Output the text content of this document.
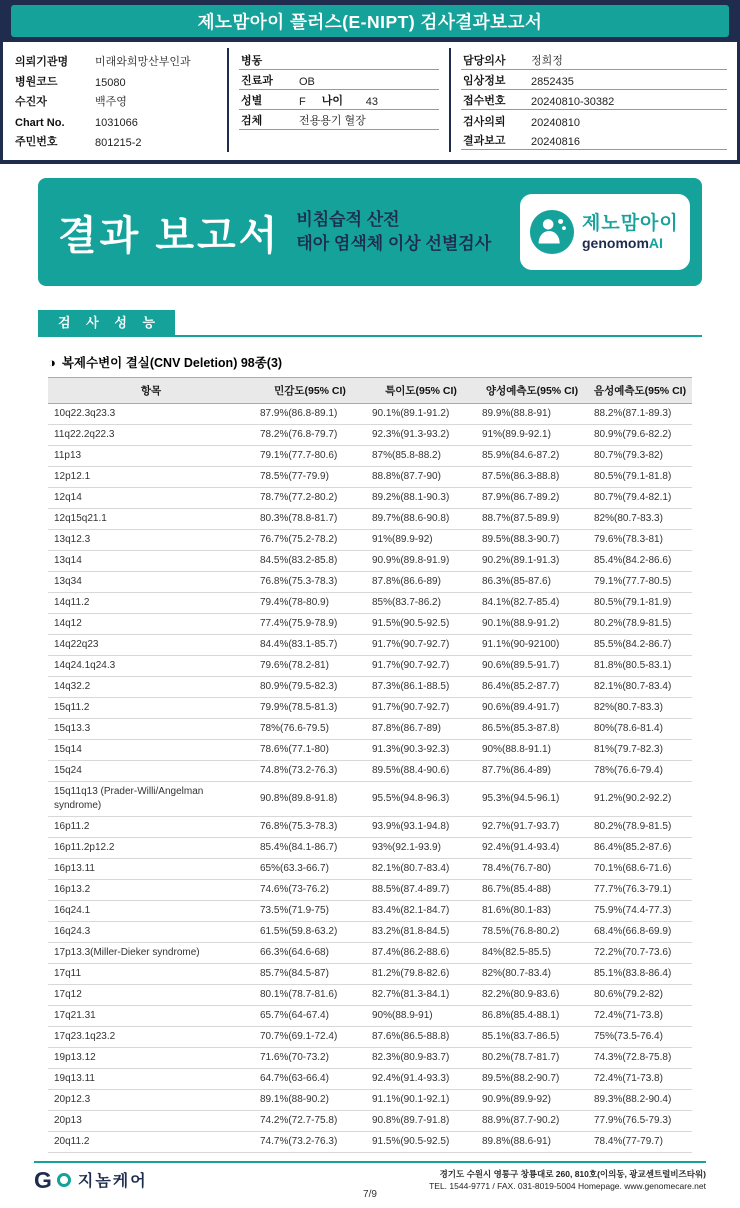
제노맘아이 플러스(E-NIPT) 검사결과보고서
의뢰기관명	미래와희망산부인과
병원코드	15080
수진자	백주영
Chart No.	1031066
주민번호	801215-2
병동
진료과	OB
성별	F 나이	43
검체	전용용기 혈장
담당의사	정희정
임상정보	2852435
접수번호	20240810-30382
검사의뢰	20240810
결과보고	20240816
결과 보고서 비침습적 산전
태아 염색체 이상 선별검사
제노맘아이
genomomAI
검 사 성 능
◑ 복제수변이 결실(CNV Deletion) 98종(3)
항목	민감도(95% CI)	특이도(95% CI)	양성예측도(95% CI)	음성예측도(95% CI)
10q22.3q23.3	87.9%(86.8-89.1)	90.1%(89.1-91.2)	89.9%(88.8-91)	88.2%(87.1-89.3)
11q22.2q22.3	78.2%(76.8-79.7)	92.3%(91.3-93.2)	91%(89.9-92.1)	80.9%(79.6-82.2)
11p13	79.1%(77.7-80.6)	87%(85.8-88.2)	85.9%(84.6-87.2)	80.7%(79.3-82)
12p12.1	78.5%(77-79.9)	88.8%(87.7-90)	87.5%(86.3-88.8)	80.5%(79.1-81.8)
12q14	78.7%(77.2-80.2)	89.2%(88.1-90.3)	87.9%(86.7-89.2)	80.7%(79.4-82.1)
12q15q21.1	80.3%(78.8-81.7)	89.7%(88.6-90.8)	88.7%(87.5-89.9)	82%(80.7-83.3)
13q12.3	76.7%(75.2-78.2)	91%(89.9-92)	89.5%(88.3-90.7)	79.6%(78.3-81)
13q14	84.5%(83.2-85.8)	90.9%(89.8-91.9)	90.2%(89.1-91.3)	85.4%(84.2-86.6)
13q34	76.8%(75.3-78.3)	87.8%(86.6-89)	86.3%(85-87.6)	79.1%(77.7-80.5)
14q11.2	79.4%(78-80.9)	85%(83.7-86.2)	84.1%(82.7-85.4)	80.5%(79.1-81.9)
14q12	77.4%(75.9-78.9)	91.5%(90.5-92.5)	90.1%(88.9-91.2)	80.2%(78.9-81.5)
14q22q23	84.4%(83.1-85.7)	91.7%(90.7-92.7)	91.1%(90-92100)	85.5%(84.2-86.7)
14q24.1q24.3	79.6%(78.2-81)	91.7%(90.7-92.7)	90.6%(89.5-91.7)	81.8%(80.5-83.1)
14q32.2	80.9%(79.5-82.3)	87.3%(86.1-88.5)	86.4%(85.2-87.7)	82.1%(80.7-83.4)
15q11.2	79.9%(78.5-81.3)	91.7%(90.7-92.7)	90.6%(89.4-91.7)	82%(80.7-83.3)
15q13.3	78%(76.6-79.5)	87.8%(86.7-89)	86.5%(85.3-87.8)	80%(78.6-81.4)
15q14	78.6%(77.1-80)	91.3%(90.3-92.3)	90%(88.8-91.1)	81%(79.7-82.3)
15q24	74.8%(73.2-76.3)	89.5%(88.4-90.6)	87.7%(86.4-89)	78%(76.6-79.4)
15q11q13 (Prader-Willi/Angelman syndrome)	90.8%(89.8-91.8)	95.5%(94.8-96.3)	95.3%(94.5-96.1)	91.2%(90.2-92.2)
16p11.2	76.8%(75.3-78.3)	93.9%(93.1-94.8)	92.7%(91.7-93.7)	80.2%(78.9-81.5)
16p11.2p12.2	85.4%(84.1-86.7)	93%(92.1-93.9)	92.4%(91.4-93.4)	86.4%(85.2-87.6)
16p13.11	65%(63.3-66.7)	82.1%(80.7-83.4)	78.4%(76.7-80)	70.1%(68.6-71.6)
16p13.2	74.6%(73-76.2)	88.5%(87.4-89.7)	86.7%(85.4-88)	77.7%(76.3-79.1)
16q24.1	73.5%(71.9-75)	83.4%(82.1-84.7)	81.6%(80.1-83)	75.9%(74.4-77.3)
16q24.3	61.5%(59.8-63.2)	83.2%(81.8-84.5)	78.5%(76.8-80.2)	68.4%(66.8-69.9)
17p13.3(Miller-Dieker syndrome)	66.3%(64.6-68)	87.4%(86.2-88.6)	84%(82.5-85.5)	72.2%(70.7-73.6)
17q11	85.7%(84.5-87)	81.2%(79.8-82.6)	82%(80.7-83.4)	85.1%(83.8-86.4)
17q12	80.1%(78.7-81.6)	82.7%(81.3-84.1)	82.2%(80.9-83.6)	80.6%(79.2-82)
17q21.31	65.7%(64-67.4)	90%(88.9-91)	86.8%(85.4-88.1)	72.4%(71-73.8)
17q23.1q23.2	70.7%(69.1-72.4)	87.6%(86.5-88.8)	85.1%(83.7-86.5)	75%(73.5-76.4)
19p13.12	71.6%(70-73.2)	82.3%(80.9-83.7)	80.2%(78.7-81.7)	74.3%(72.8-75.8)
19q13.11	64.7%(63-66.4)	92.4%(91.4-93.3)	89.5%(88.2-90.7)	72.4%(71-73.8)
20p12.3	89.1%(88-90.2)	91.1%(90.1-92.1)	90.9%(89.9-92)	89.3%(88.2-90.4)
20p13	74.2%(72.7-75.8)	90.8%(89.7-91.8)	88.9%(87.7-90.2)	77.9%(76.5-79.3)
20q11.2	74.7%(73.2-76.3)	91.5%(90.5-92.5)	89.8%(88.6-91)	78.4%(77-79.7)
G 지놈케어	경기도 수원시 영통구 창룡대로 260, 810호(이의동, 광교센트럴비즈타워)
TEL. 1544-9771 / FAX. 031-8019-5004 Homepage. www.genomecare.net
7/9
